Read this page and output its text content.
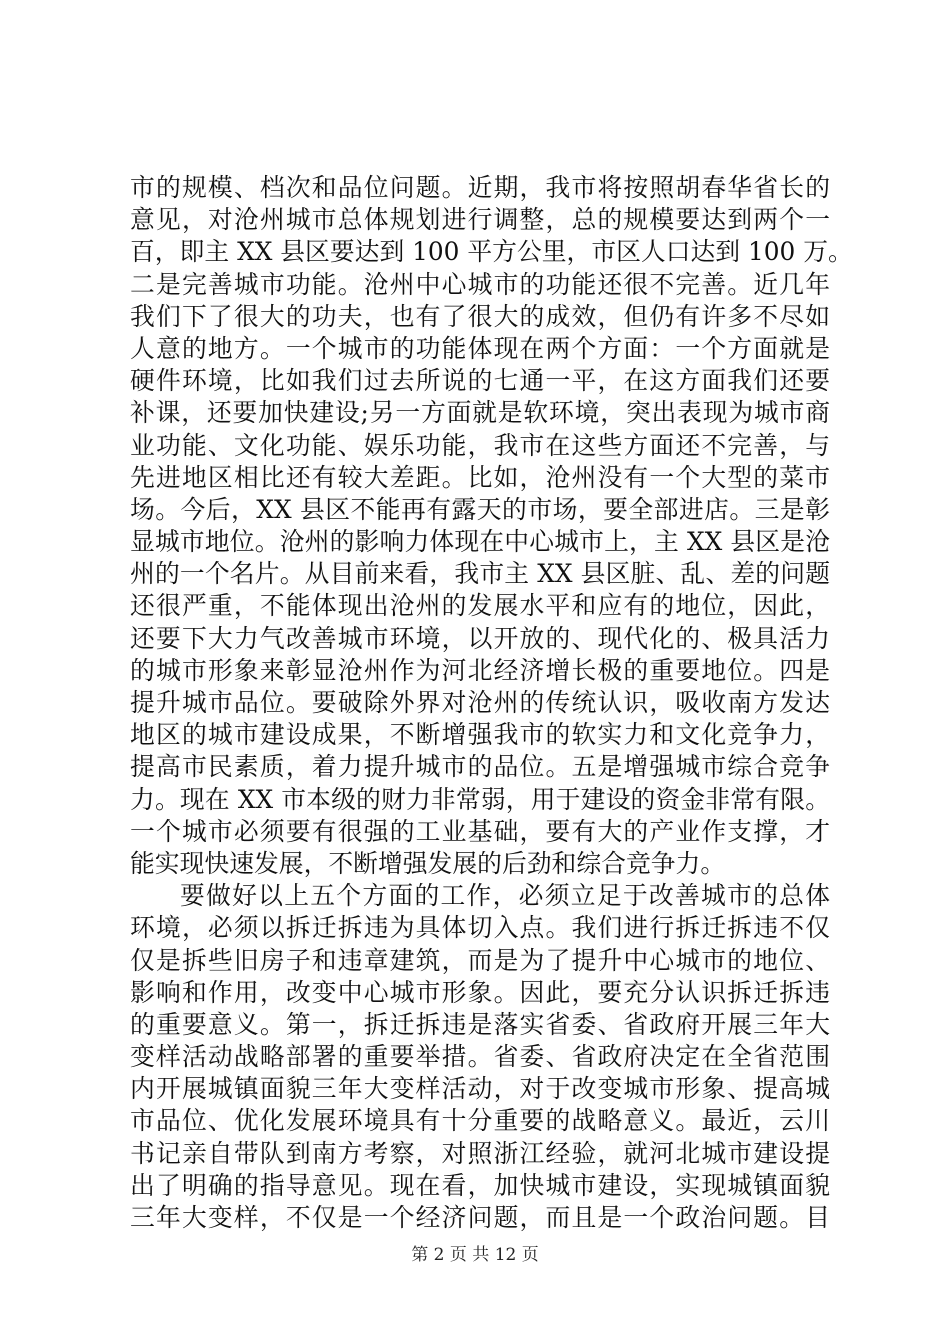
市的规模、档次和品位问题。近期，我市将按照胡春华省长的
意见，对沧州城市总体规划进行调整，总的规模要达到两个一
百，即主 XX 县区要达到 100 平方公里，市区人口达到 100 万。
二是完善城市功能。沧州中心城市的功能还很不完善。近几年
我们下了很大的功夫，也有了很大的成效，但仍有许多不尽如
人意的地方。一个城市的功能体现在两个方面：一个方面就是
硬件环境，比如我们过去所说的七通一平，在这方面我们还要
补课，还要加快建设;另一方面就是软环境，突出表现为城市商
业功能、文化功能、娱乐功能，我市在这些方面还不完善，与
先进地区相比还有较大差距。比如，沧州没有一个大型的菜市
场。今后，XX 县区不能再有露天的市场，要全部进店。三是彰
显城市地位。沧州的影响力体现在中心城市上，主 XX 县区是沧
州的一个名片。从目前来看，我市主 XX 县区脏、乱、差的问题
还很严重，不能体现出沧州的发展水平和应有的地位，因此，
还要下大力气改善城市环境，以开放的、现代化的、极具活力
的城市形象来彰显沧州作为河北经济增长极的重要地位。四是
提升城市品位。要破除外界对沧州的传统认识，吸收南方发达
地区的城市建设成果，不断增强我市的软实力和文化竞争力，
提高市民素质，着力提升城市的品位。五是增强城市综合竞争
力。现在 XX 市本级的财力非常弱，用于建设的资金非常有限。
一个城市必须要有很强的工业基础，要有大的产业作支撑，才
能实现快速发展，不断增强发展的后劲和综合竞争力。
要做好以上五个方面的工作，必须立足于改善城市的总体
环境，必须以拆迁拆违为具体切入点。我们进行拆迁拆违不仅
仅是拆些旧房子和违章建筑，而是为了提升中心城市的地位、
影响和作用，改变中心城市形象。因此，要充分认识拆迁拆违
的重要意义。第一，拆迁拆违是落实省委、省政府开展三年大
变样活动战略部署的重要举措。省委、省政府决定在全省范围
内开展城镇面貌三年大变样活动，对于改变城市形象、提高城
市品位、优化发展环境具有十分重要的战略意义。最近，云川
书记亲自带队到南方考察，对照浙江经验，就河北城市建设提
出了明确的指导意见。现在看，加快城市建设，实现城镇面貌
三年大变样，不仅是一个经济问题，而且是一个政治问题。目
第 2 页 共 12 页
